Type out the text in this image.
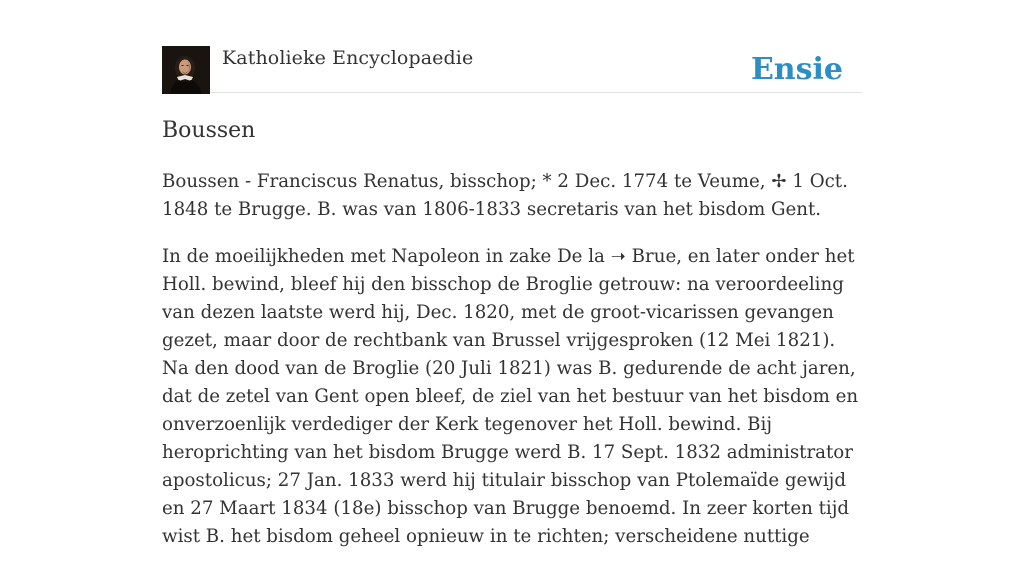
Katholieke Encyclopaedie	Ensie
Boussen

Boussen - Franciscus Renatus, bisschop; * 2 Dec. 1774 te Veume, ✢ 1 Oct. 1848 te Brugge. B. was van 1806-1833 secretaris van het bisdom Gent.

In de moeilijkheden met Napoleon in zake De la ➝ Brue, en later onder het Holl. bewind, bleef hij den bisschop de Broglie getrouw: na veroordeeling van dezen laatste werd hij, Dec. 1820, met de groot-vicarissen gevangen gezet, maar door de rechtbank van Brussel vrijgesproken (12 Mei 1821). Na den dood van de Broglie (20 Juli 1821) was B. gedurende de acht jaren, dat de zetel van Gent open bleef, de ziel van het bestuur van het bisdom en onverzoenlijk verdediger der Kerk tegenover het Holl. bewind. Bij heroprichting van het bisdom Brugge werd B. 17 Sept. 1832 administrator apostolicus; 27 Jan. 1833 werd hij titulair bisschop van Ptolemaïde gewijd en 27 Maart 1834 (18e) bisschop van Brugge benoemd. In zeer korten tijd wist B. het bisdom geheel opnieuw in te richten; verscheidene nuttige
